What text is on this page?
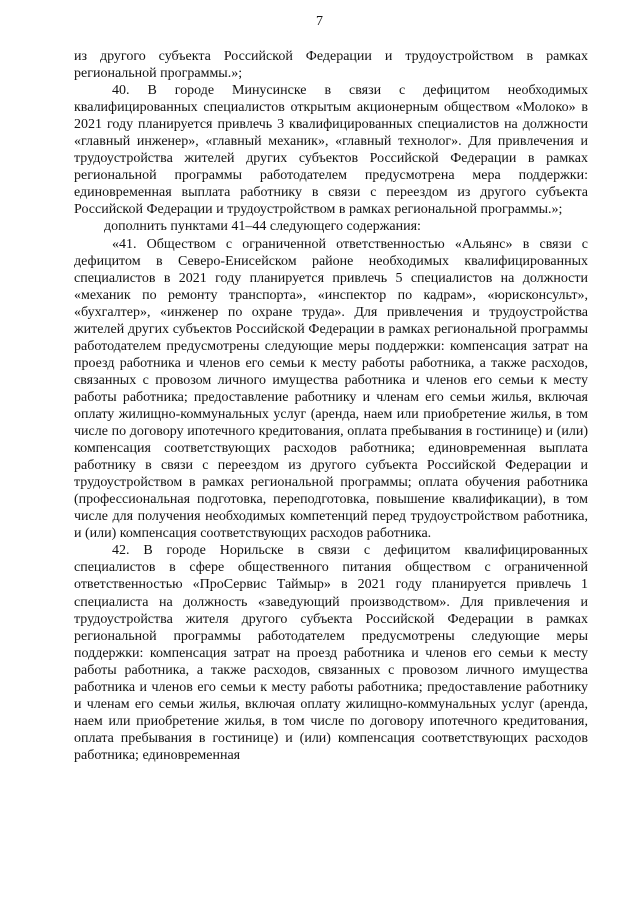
7

из другого субъекта Российской Федерации и трудоустройством в рамках региональной программы.»;

40. В городе Минусинске в связи с дефицитом необходимых квалифицированных специалистов открытым акционерным обществом «Молоко» в 2021 году планируется привлечь 3 квалифицированных специалистов на должности «главный инженер», «главный механик», «главный технолог». Для привлечения и трудоустройства жителей других субъектов Российской Федерации в рамках региональной программы работодателем предусмотрена мера поддержки: единовременная выплата работнику в связи с переездом из другого субъекта Российской Федерации и трудоустройством в рамках региональной программы.»;

дополнить пунктами 41–44 следующего содержания:

«41. Обществом с ограниченной ответственностью «Альянс» в связи с дефицитом в Северо-Енисейском районе необходимых квалифицированных специалистов в 2021 году планируется привлечь 5 специалистов на должности «механик по ремонту транспорта», «инспектор по кадрам», «юрисконсульт», «бухгалтер», «инженер по охране труда». Для привлечения и трудоустройства жителей других субъектов Российской Федерации в рамках региональной программы работодателем предусмотрены следующие меры поддержки: компенсация затрат на проезд работника и членов его семьи к месту работы работника, а также расходов, связанных с провозом личного имущества работника и членов его семьи к месту работы работника; предоставление работнику и членам его семьи жилья, включая оплату жилищно-коммунальных услуг (аренда, наем или приобретение жилья, в том числе по договору ипотечного кредитования, оплата пребывания в гостинице) и (или) компенсация соответствующих расходов работника; единовременная выплата работнику в связи с переездом из другого субъекта Российской Федерации и трудоустройством в рамках региональной программы; оплата обучения работника (профессиональная подготовка, переподготовка, повышение квалификации), в том числе для получения необходимых компетенций перед трудоустройством работника, и (или) компенсация соответствующих расходов работника.

42. В городе Норильске в связи с дефицитом квалифицированных специалистов в сфере общественного питания обществом с ограниченной ответственностью «ПроСервис Таймыр» в 2021 году планируется привлечь 1 специалиста на должность «заведующий производством». Для привлечения и трудоустройства жителя другого субъекта Российской Федерации в рамках региональной программы работодателем предусмотрены следующие меры поддержки: компенсация затрат на проезд работника и членов его семьи к месту работы работника, а также расходов, связанных с провозом личного имущества работника и членов его семьи к месту работы работника; предоставление работнику и членам его семьи жилья, включая оплату жилищно-коммунальных услуг (аренда, наем или приобретение жилья, в том числе по договору ипотечного кредитования, оплата пребывания в гостинице) и (или) компенсация соответствующих расходов работника; единовременная
